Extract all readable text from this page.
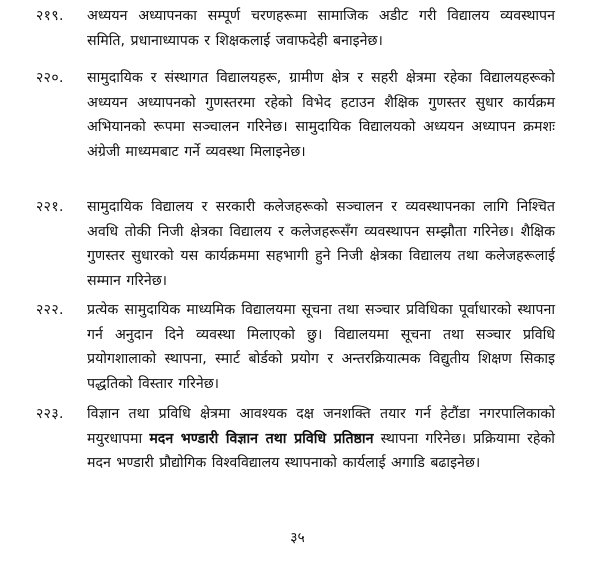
२१९. अध्ययन अध्यापनका सम्पूर्ण चरणहरूमा सामाजिक अडीट गरी विद्यालय व्यवस्थापन समिति, प्रधानाध्यापक र शिक्षकलाई जवाफदेही बनाइनेछ।
२२०. सामुदायिक र संस्थागत विद्यालयहरू, ग्रामीण क्षेत्र र सहरी क्षेत्रमा रहेका विद्यालयहरूको अध्ययन अध्यापनको गुणस्तरमा रहेको विभेद हटाउन शैक्षिक गुणस्तर सुधार कार्यक्रम अभियानको रूपमा सञ्चालन गरिनेछ। सामुदायिक विद्यालयको अध्ययन अध्यापन क्रमशः अंग्रेजी माध्यमबाट गर्ने व्यवस्था मिलाइनेछ।
२२१. सामुदायिक विद्यालय र सरकारी कलेजहरूको सञ्चालन र व्यवस्थापनका लागि निश्चित अवधि तोकी निजी क्षेत्रका विद्यालय र कलेजहरूसँग व्यवस्थापन सम्झौता गरिनेछ। शैक्षिक गुणस्तर सुधारको यस कार्यक्रममा सहभागी हुने निजी क्षेत्रका विद्यालय तथा कलेजहरूलाई सम्मान गरिनेछ।
२२२. प्रत्येक सामुदायिक माध्यमिक विद्यालयमा सूचना तथा सञ्चार प्रविधिका पूर्वाधारको स्थापना गर्न अनुदान दिने व्यवस्था मिलाएको छु। विद्यालयमा सूचना तथा सञ्चार प्रविधि प्रयोगशालाको स्थापना, स्मार्ट बोर्डको प्रयोग र अन्तरक्रियात्मक विद्युतीय शिक्षण सिकाइ पद्धतिको विस्तार गरिनेछ।
२२३. विज्ञान तथा प्रविधि क्षेत्रमा आवश्यक दक्ष जनशक्ति तयार गर्न हेटौंडा नगरपालिकाको मयुरधापमा मदन भण्डारी विज्ञान तथा प्रविधि प्रतिष्ठान स्थापना गरिनेछ। प्रक्रियामा रहेको मदन भण्डारी प्रौद्योगिक विश्वविद्यालय स्थापनाको कार्यलाई अगाडि बढाइनेछ।
३५
